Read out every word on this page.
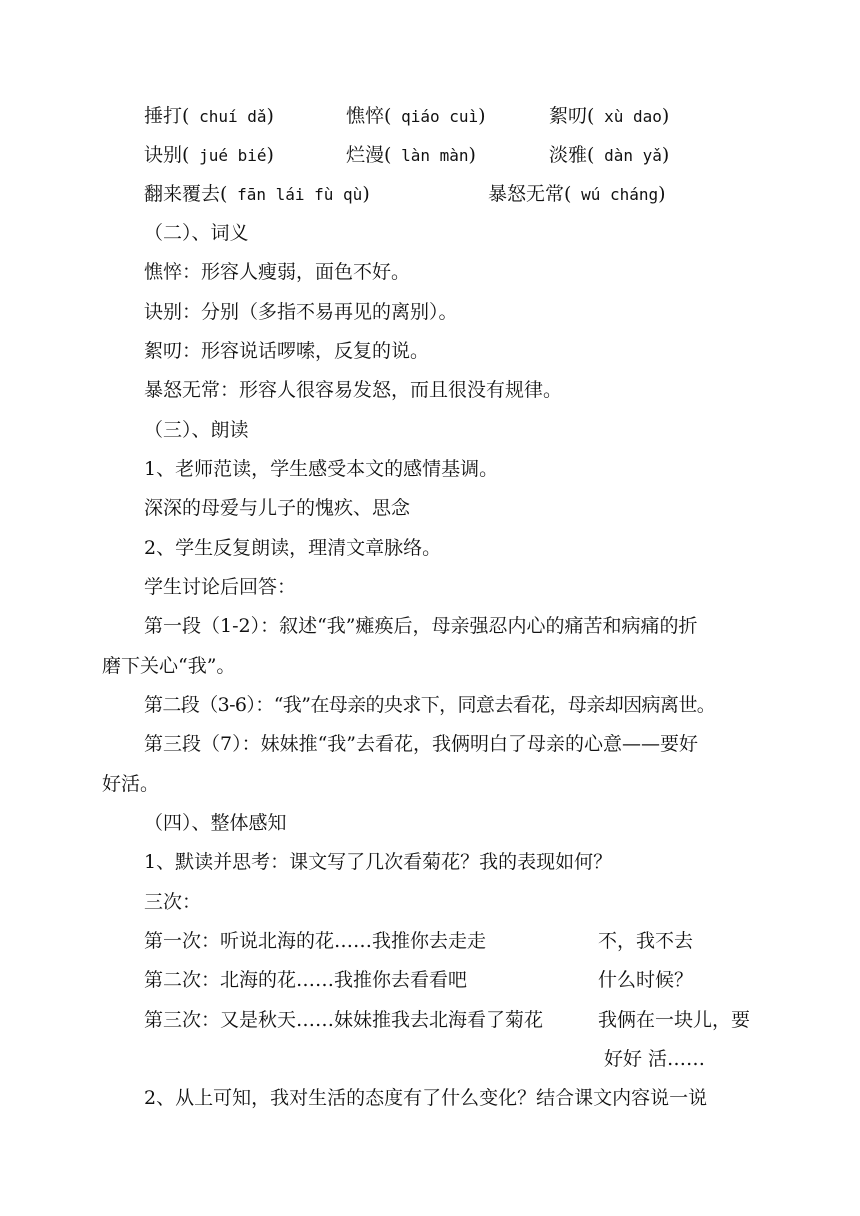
捶打( chuí dǎ)	憔悴( qiáo cuì)	絮叨( xù dao)
诀别( jué bié)	烂漫( làn màn)	淡雅( dàn yǎ)
翻来覆去( fān lái fù qù)	暴怒无常( wú cháng)
（二）、词义
憔悴：形容人瘦弱，面色不好。
诀别：分别（多指不易再见的离别）。
絮叨：形容说话啰嗦，反复的说。
暴怒无常：形容人很容易发怒，而且很没有规律。
（三）、朗读
1、老师范读，学生感受本文的感情基调。
深深的母爱与儿子的愧疚、思念
2、学生反复朗读，理清文章脉络。
学生讨论后回答：
第一段（1-2）：叙述“我”瘫痪后，母亲强忍内心的痛苦和病痛的折
磨下关心“我”。
第二段（3-6）：“我”在母亲的央求下，同意去看花，母亲却因病离世。
第三段（7）：妹妹推“我”去看花，我俩明白了母亲的心意——要好
好活。
（四）、整体感知
1、默读并思考：课文写了几次看菊花？我的表现如何？
三次：
第一次：听说北海的花……我推你去走走	不，我不去
第二次：北海的花……我推你去看看吧	什么时候？
第三次：又是秋天……妹妹推我去北海看了菊花	我俩在一块儿，要
好好 活……
2、从上可知，我对生活的态度有了什么变化？结合课文内容说一说
